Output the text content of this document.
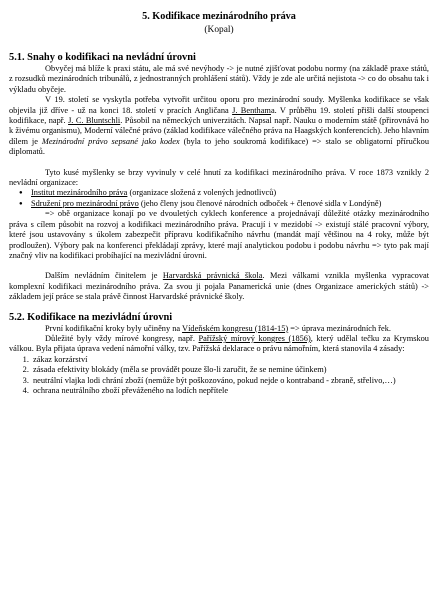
5. Kodifikace mezinárodního práva
(Kopal)
5.1. Snahy o kodifikaci na nevládní úrovni

Obvyčej má blíže k praxi státu, ale má své nevýhody -> je nutné zjišťovat podobu normy (na základě praxe států, z rozsudků mezinárodních tribunálů, z jednostranných prohlášení států). Vždy je zde ale určitá nejistota -> co do obsahu tak i výkladu obyčeje.

V 19. století se vyskytla potřeba vytvořit určitou oporu pro mezinárodní soudy. Myšlenka kodifikace se však objevila již dříve - už na konci 18. století v pracích Angličana J. Benthama. V průběhu 19. století přišli další stoupenci kodifikace, např. J. C. Bluntschli. Působil na německých univerzitách. Napsal např. Nauku o moderním státě (přirovnává ho k živému organismu), Moderní válečné právo (základ kodifikace válečného práva na Haagských konferencích). Jeho hlavním dílem je Mezinárodní právo sepsané jako kodex (byla to jeho soukromá kodifikace) => stalo se obligatorní příručkou diplomatů.

Tyto kusé myšlenky se brzy vyvinuly v celé hnutí za kodifikaci mezinárodního práva. V roce 1873 vznikly 2 nevládní organizace:

● Institut mezinárodního práva (organizace složená z volených jednotlivců)
● Sdružení pro mezinárodní právo (jeho členy jsou členové národních odboček + členové sidla v Londýně)

=> obě organizace konají po ve dvouletých cyklech konference a projednávají důležité otázky mezinárodního práva s cílem působit na rozvoj a kodifikaci mezinárodního práva. Pracují i v mezidobí -> existují stálé pracovní výbory, které jsou ustavovány s úkolem zabezpečit přípravu kodifikačního návrhu (mandát mají většinou na 4 roky, může být prodloužen). Výbory pak na konferenci překládají zprávy, které mají analytickou podobu i podobu návrhu => tyto pak mají značný vliv na kodifikaci probíhající na mezivládní úrovni.

Dalším nevládním činitelem je Harvardská právnická škola. Mezi válkami vznikla myšlenka vypracovat komplexní kodifikaci mezinárodního práva. Za svou ji pojala Panamerická unie (dnes Organizace amerických států) -> základem její práce se stala právě činnost Harvardské právnické školy.

5.2. Kodifikace na mezivládní úrovni

První kodifikační kroky byly učiněny na Vídeňském kongresu (1814-15) => úprava mezinárodních řek.

Důležité byly vždy mírové kongresy, např. Pařížský mírový kongres (1856), který udělal tečku za Krymskou válkou. Byla přijata úprava vedení námořní války, tzv. Pařížská deklarace o právu námořním, která stanovila 4 zásady:

1. zákaz korzárství
2. zásada efektivity blokády (měla se provádět pouze šlo-li zaručit, že se nemine účinkem)
3. neutrální vlajka lodi chrání zboží (nemůže být poškozováno, pokud nejde o kontraband - zbraně, střelivo,…)
4. ochrana neutrálního zboží převáženého na lodích nepřítele
